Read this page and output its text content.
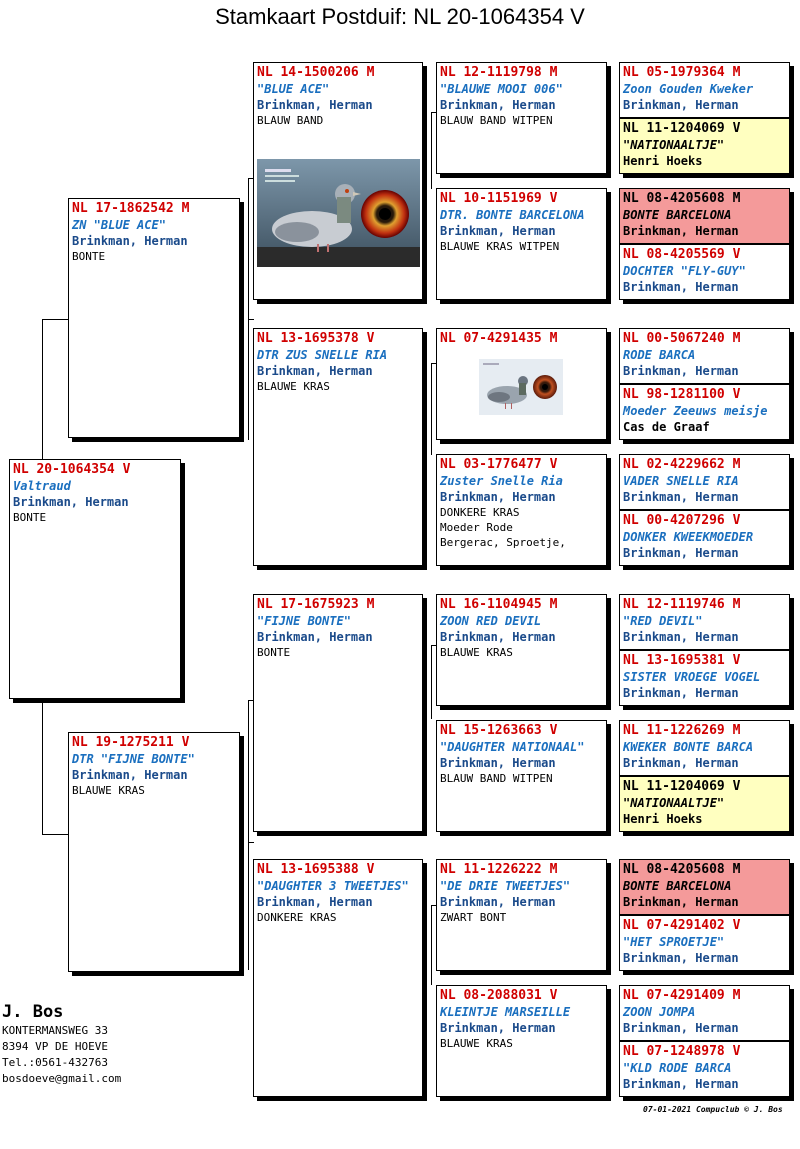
Stamkaart Postduif: NL 20-1064354 V
NL 20-1064354 V
Valtraud
Brinkman, Herman
BONTE
NL 17-1862542 M
ZN "BLUE ACE"
Brinkman, Herman
BONTE
NL 19-1275211 V
DTR "FIJNE BONTE"
Brinkman, Herman
BLAUWE KRAS
NL 14-1500206 M
"BLUE ACE"
Brinkman, Herman
BLAUW BAND
NL 13-1695378 V
DTR ZUS SNELLE RIA
Brinkman, Herman
BLAUWE KRAS
NL 17-1675923 M
"FIJNE BONTE"
Brinkman, Herman
BONTE
NL 13-1695388 V
"DAUGHTER 3 TWEETJES"
Brinkman, Herman
DONKERE KRAS
NL 12-1119798 M
"BLAUWE MOOI 006"
Brinkman, Herman
BLAUW BAND WITPEN
NL 10-1151969 V
DTR. BONTE BARCELONA
Brinkman, Herman
BLAUWE KRAS WITPEN
NL 07-4291435 M
NL 03-1776477 V
Zuster Snelle Ria
Brinkman, Herman
DONKERE KRAS
Moeder Rode
Bergerac, Sproetje,
NL 16-1104945 M
ZOON RED DEVIL
Brinkman, Herman
BLAUWE KRAS
NL 15-1263663 V
"DAUGHTER NATIONAAL"
Brinkman, Herman
BLAUW BAND WITPEN
NL 11-1226222 M
"DE DRIE TWEETJES"
Brinkman, Herman
ZWART BONT
NL 08-2088031 V
KLEINTJE MARSEILLE
Brinkman, Herman
BLAUWE KRAS
NL 05-1979364 M
Zoon Gouden Kweker
Brinkman, Herman
NL 11-1204069 V
"NATIONAALTJE"
Henri Hoeks
NL 08-4205608 M
BONTE BARCELONA
Brinkman, Herman
NL 08-4205569 V
DOCHTER "FLY-GUY"
Brinkman, Herman
NL 00-5067240 M
RODE BARCA
Brinkman, Herman
NL 98-1281100 V
Moeder Zeeuws meisje
Cas de Graaf
NL 02-4229662 M
VADER SNELLE RIA
Brinkman, Herman
NL 00-4207296 V
DONKER KWEEKMOEDER
Brinkman, Herman
NL 12-1119746 M
"RED DEVIL"
Brinkman, Herman
NL 13-1695381 V
SISTER VROEGE VOGEL
Brinkman, Herman
NL 11-1226269 M
KWEKER BONTE BARCA
Brinkman, Herman
NL 11-1204069 V
"NATIONAALTJE"
Henri Hoeks
NL 08-4205608 M
BONTE BARCELONA
Brinkman, Herman
NL 07-4291402 V
"HET SPROETJE"
Brinkman, Herman
NL 07-4291409 M
ZOON JOMPA
Brinkman, Herman
NL 07-1248978 V
"KLD RODE BARCA
Brinkman, Herman
J. Bos
KONTERMANSWEG 33
8394 VP DE HOEVE
Tel.:0561-432763
bosdoeve@gmail.com
07-01-2021 Compuclub © J. Bos
